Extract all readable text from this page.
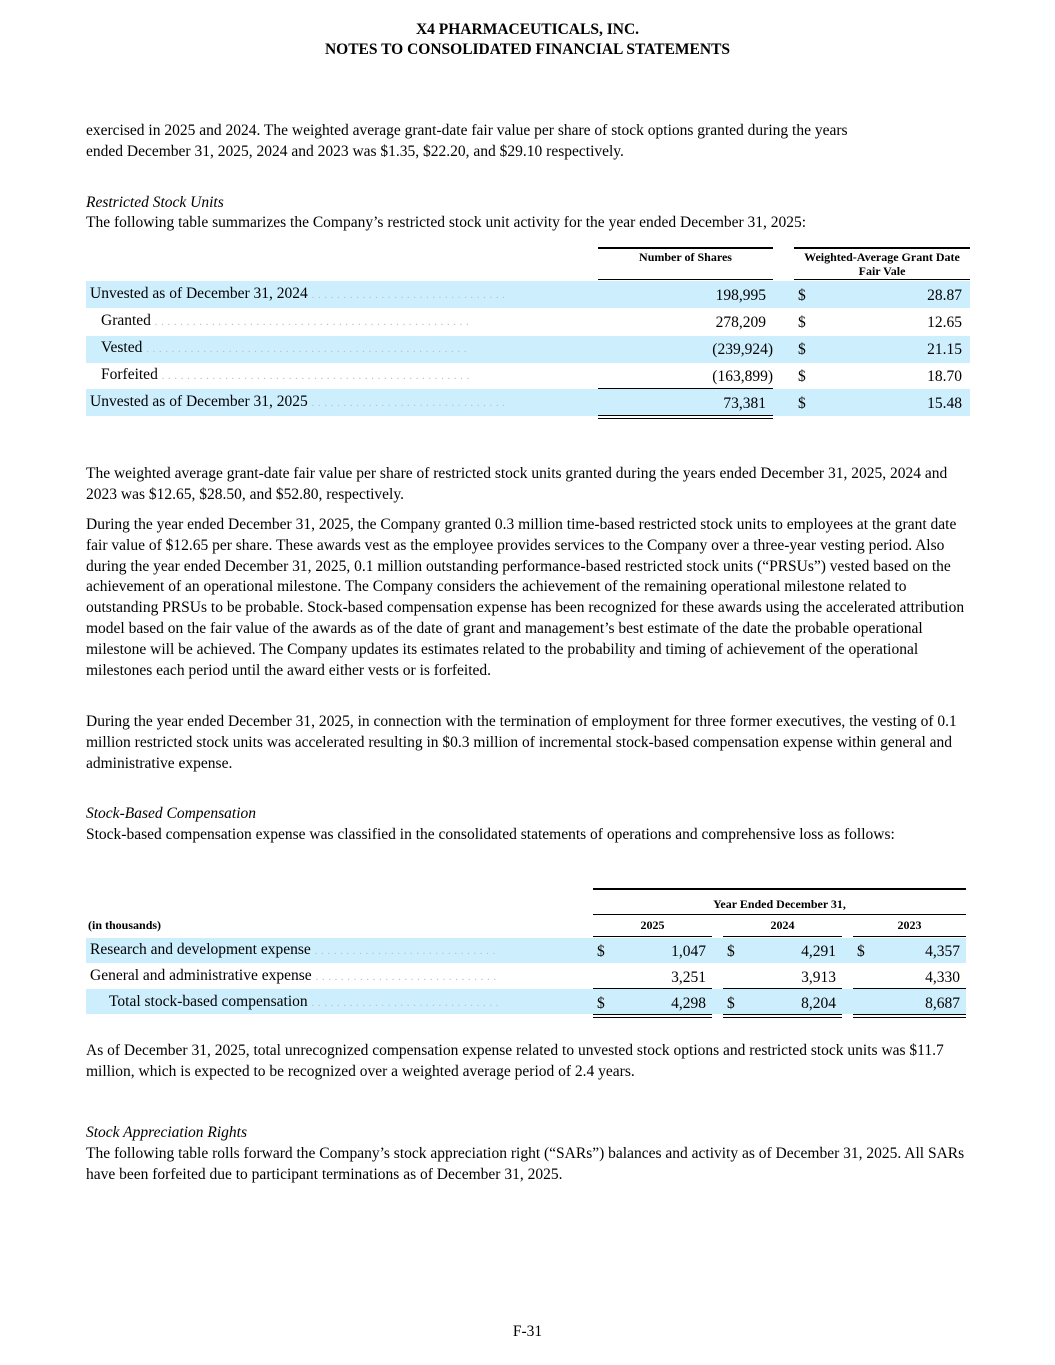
X4 PHARMACEUTICALS, INC.
NOTES TO CONSOLIDATED FINANCIAL STATEMENTS
exercised in 2025 and 2024. The weighted average grant-date fair value per share of stock options granted during the years
ended December 31, 2025, 2024 and 2023 was $1.35, $22.20, and $29.10 respectively.
Restricted Stock Units
The following table summarizes the Company’s restricted stock unit activity for the year ended December 31, 2025:
Number of Shares	Weighted-Average Grant Date Fair Vale
Unvested as of December 31, 2024 ...............................	198,995 $	28.87
Granted ..................................................	278,209 $	12.65
Vested ...................................................	(239,924) $	21.15
Forfeited .................................................	(163,899) $	18.70
Unvested as of December 31, 2025 ...............................	73,381 $	15.48
The weighted average grant-date fair value per share of restricted stock units granted during the years ended December 31, 2025, 2024 and 2023 was $12.65, $28.50, and $52.80, respectively.
During the year ended December 31, 2025, the Company granted 0.3 million time-based restricted stock units to employees at the grant date fair value of $12.65 per share. These awards vest as the employee provides services to the Company over a three-year vesting period. Also during the year ended December 31, 2025, 0.1 million outstanding performance-based restricted stock units (“PRSUs”) vested based on the achievement of an operational milestone. The Company considers the achievement of the remaining operational milestone related to outstanding PRSUs to be probable. Stock-based compensation expense has been recognized for these awards using the accelerated attribution model based on the fair value of the awards as of the date of grant and management’s best estimate of the date the probable operational milestone will be achieved. The Company updates its estimates related to the probability and timing of achievement of the operational milestones each period until the award either vests or is forfeited.
During the year ended December 31, 2025, in connection with the termination of employment for three former executives, the vesting of 0.1 million restricted stock units was accelerated resulting in $0.3 million of incremental stock-based compensation expense within general and administrative expense.
Stock-Based Compensation
Stock-based compensation expense was classified in the consolidated statements of operations and comprehensive loss as follows:
Year Ended December 31,
(in thousands)	2025	2024	2023
Research and development expense .............................	$	1,047 $	4,291 $	4,357
General and administrative expense .............................	3,251	3,913	4,330
Total stock-based compensation ..............................	$	4,298 $	8,204	8,687
As of December 31, 2025, total unrecognized compensation expense related to unvested stock options and restricted stock units was $11.7 million, which is expected to be recognized over a weighted average period of 2.4 years.
Stock Appreciation Rights
The following table rolls forward the Company’s stock appreciation right (“SARs”) balances and activity as of December 31, 2025. All SARs have been forfeited due to participant terminations as of December 31, 2025.
F-31
